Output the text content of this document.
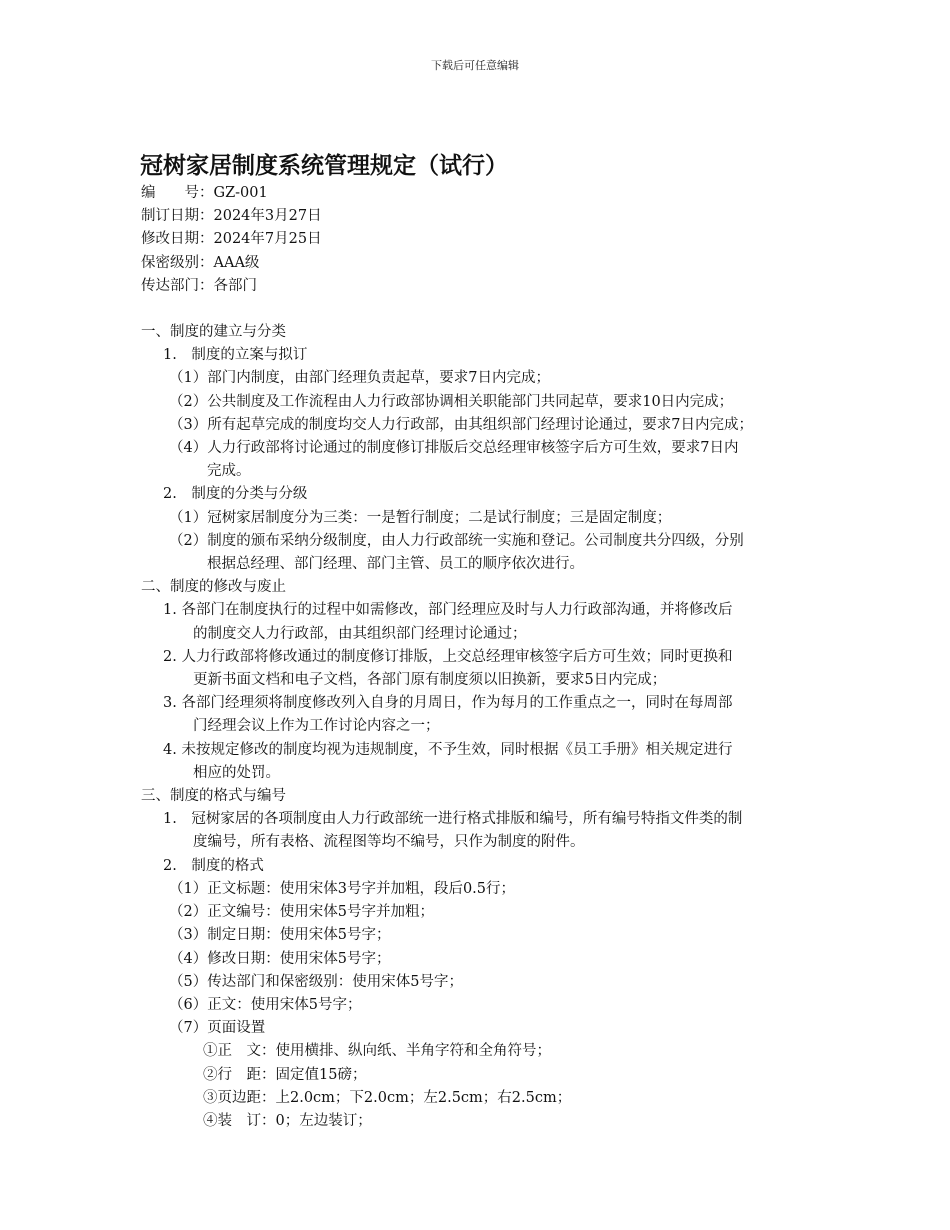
下载后可任意编辑
冠树家居制度系统管理规定（试行）
编　　号：GZ-001
制订日期：2024年3月27日
修改日期：2024年7月25日
保密级别：AAA级
传达部门：各部门
一、制度的建立与分类
1.　制度的立案与拟订
（1）部门内制度，由部门经理负责起草，要求7日内完成；
（2）公共制度及工作流程由人力行政部协调相关职能部门共同起草，要求10日内完成；
（3）所有起草完成的制度均交人力行政部，由其组织部门经理讨论通过，要求7日内完成；
（4）人力行政部将讨论通过的制度修订排版后交总经理审核签字后方可生效，要求7日内
完成。
2.　制度的分类与分级
（1）冠树家居制度分为三类：一是暂行制度；二是试行制度；三是固定制度；
（2）制度的颁布采纳分级制度，由人力行政部统一实施和登记。公司制度共分四级，分别
根据总经理、部门经理、部门主管、员工的顺序依次进行。
二、制度的修改与废止
1. 各部门在制度执行的过程中如需修改，部门经理应及时与人力行政部沟通，并将修改后
的制度交人力行政部，由其组织部门经理讨论通过；
2. 人力行政部将修改通过的制度修订排版，上交总经理审核签字后方可生效；同时更换和
更新书面文档和电子文档，各部门原有制度须以旧换新，要求5日内完成；
3. 各部门经理须将制度修改列入自身的月周日，作为每月的工作重点之一，同时在每周部
门经理会议上作为工作讨论内容之一；
4. 未按规定修改的制度均视为违规制度，不予生效，同时根据《员工手册》相关规定进行
相应的处罚。
三、制度的格式与编号
1.　冠树家居的各项制度由人力行政部统一进行格式排版和编号，所有编号特指文件类的制
度编号，所有表格、流程图等均不编号，只作为制度的附件。
2.　制度的格式
（1）正文标题：使用宋体3号字并加粗，段后0.5行；
（2）正文编号：使用宋体5号字并加粗；
（3）制定日期：使用宋体5号字；
（4）修改日期：使用宋体5号字；
（5）传达部门和保密级别：使用宋体5号字；
（6）正文：使用宋体5号字；
（7）页面设置
①正　文：使用横排、纵向纸、半角字符和全角符号；
②行　距：固定值15磅；
③页边距：上2.0cm；下2.0cm；左2.5cm；右2.5cm；
④装　订：0；左边装订；
